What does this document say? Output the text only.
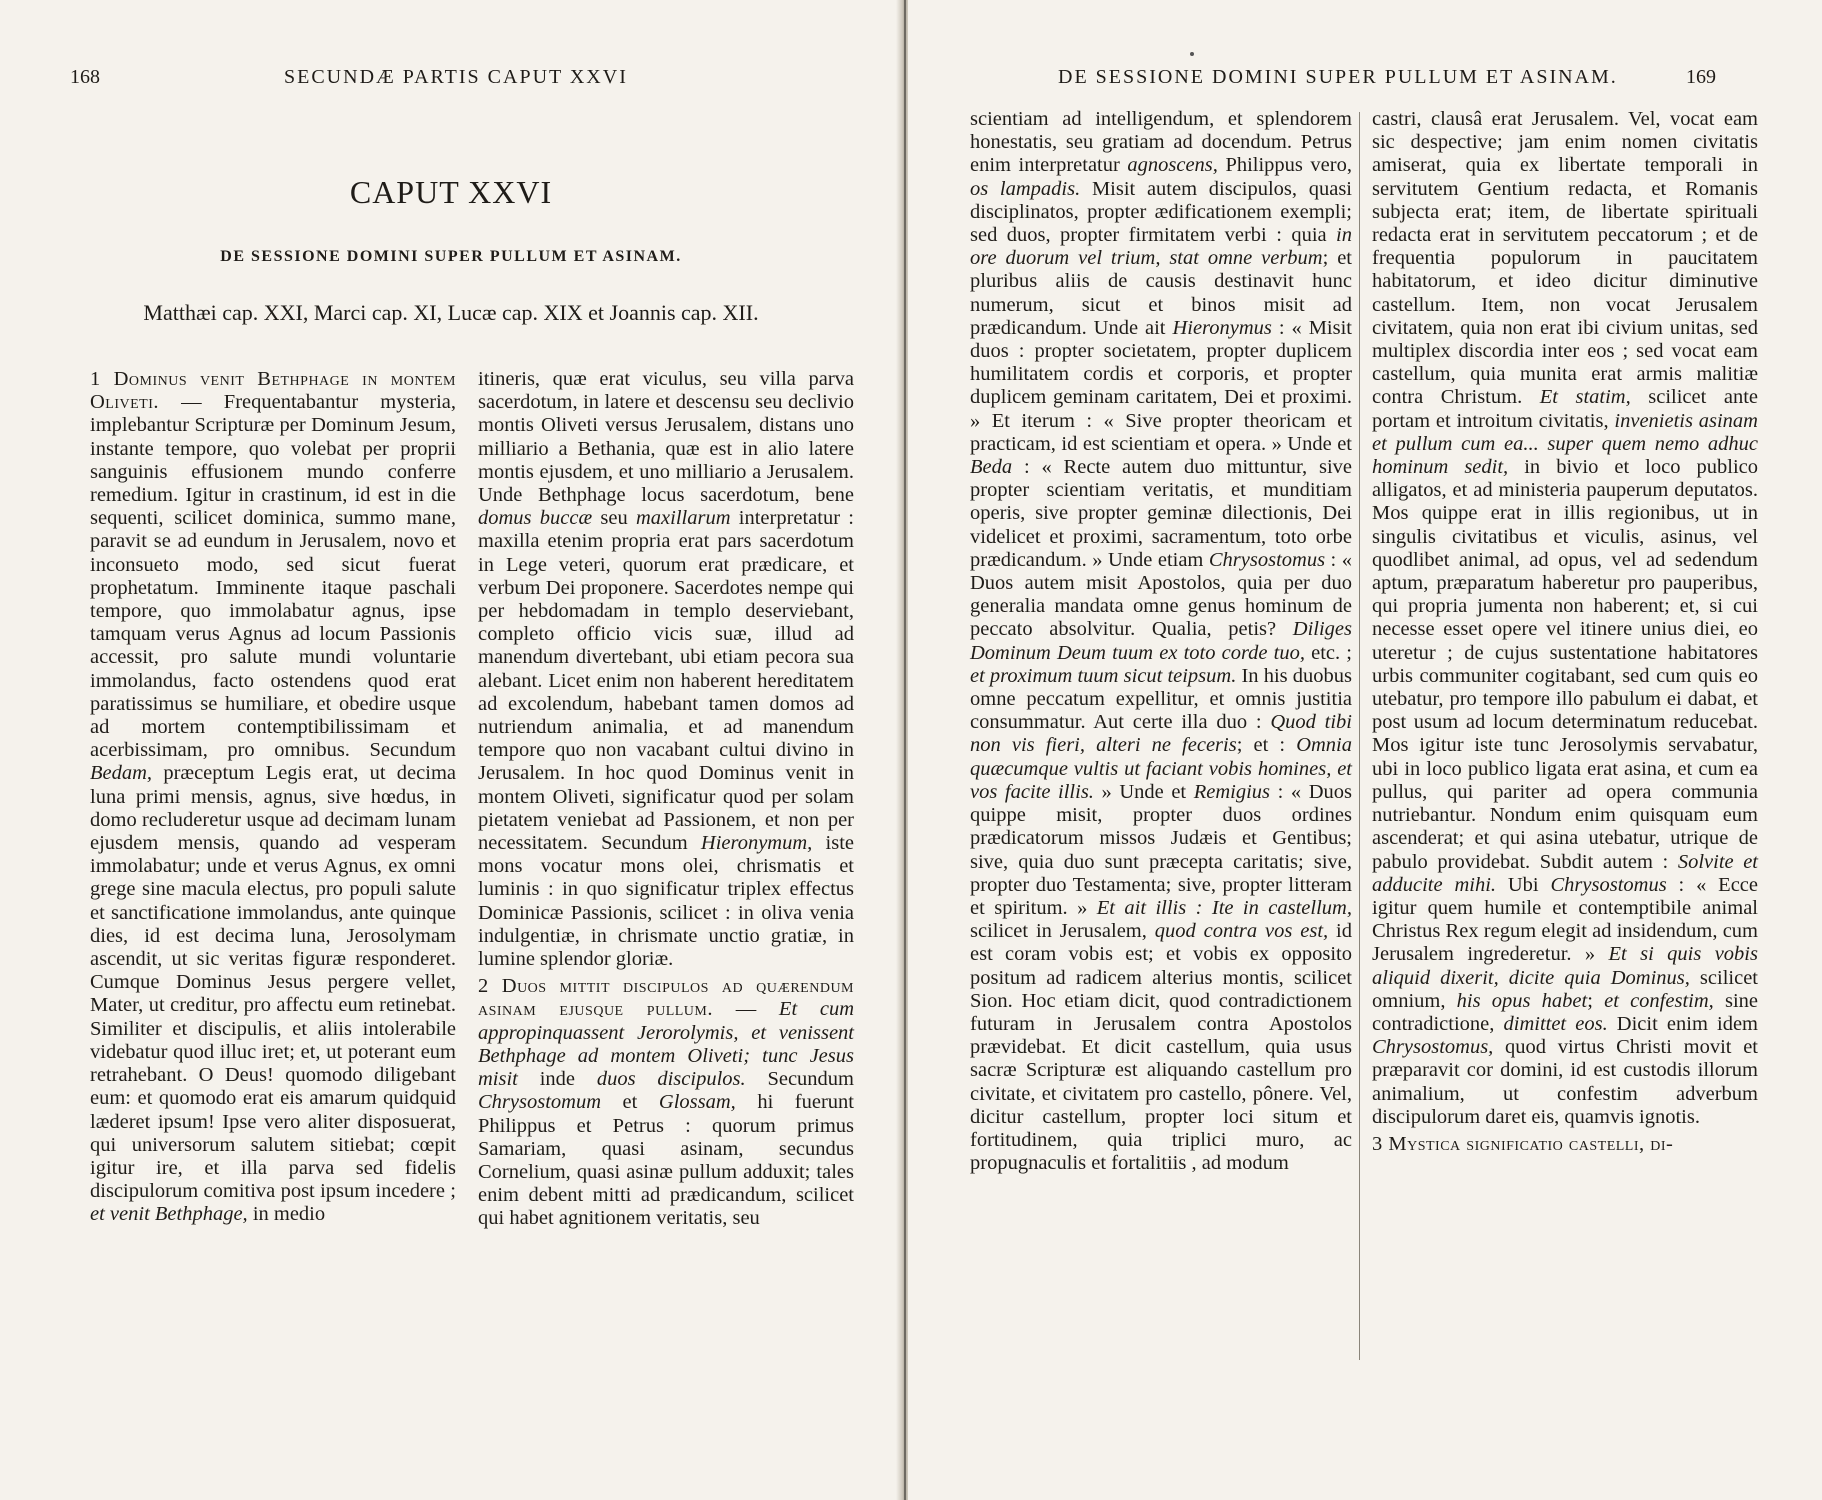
168	SECUNDÆ PARTIS CAPUT XXVI
CAPUT XXVI
DE SESSIONE DOMINI SUPER PULLUM ET ASINAM.
Matthæi cap. XXI, Marci cap. XI, Lucæ cap. XIX et Joannis cap. XII.

1 Dominus venit Bethphage in montem Oliveti. — Frequentabantur mysteria, implebantur Scripturæ per Dominum Jesum, instante tempore, quo volebat per proprii sanguinis effusionem mundo conferre remedium. Igitur in crastinum, id est in die sequenti, scilicet dominica, summo mane, paravit se ad eundum in Jerusalem, novo et inconsueto modo, sed sicut fuerat prophetatum. Imminente itaque paschali tempore, quo immolabatur agnus, ipse tamquam verus Agnus ad locum Passionis accessit, pro salute mundi voluntarie immolandus, facto ostendens quod erat paratissimus se humiliare, et obedire usque ad mortem contemptibilissimam et acerbissimam, pro omnibus. Secundum Bedam, præceptum Legis erat, ut decima luna primi mensis, agnus, sive hœdus, in domo recluderetur usque ad decimam lunam ejusdem mensis, quando ad vesperam immolabatur; unde et verus Agnus, ex omni grege sine macula electus, pro populi salute et sanctificatione immolandus, ante quinque dies, id est decima luna, Jerosolymam ascendit, ut sic veritas figuræ responderet. Cumque Dominus Jesus pergere vellet, Mater, ut creditur, pro affectu eum retinebat. Similiter et discipulis, et aliis intolerabile videbatur quod illuc iret; et, ut poterant eum retrahebant. O Deus! quomodo diligebant eum: et quomodo erat eis amarum quidquid læderet ipsum! Ipse vero aliter disposuerat, qui universorum salutem sitiebat; cœpit igitur ire, et illa parva sed fidelis discipulorum comitiva post ipsum incedere ; et venit Bethphage, in medio

itineris, quæ erat viculus, seu villa parva sacerdotum, in latere et descensu seu declivio montis Oliveti versus Jerusalem, distans uno milliario a Bethania, quæ est in alio latere montis ejusdem, et uno milliario a Jerusalem. Unde Bethphage locus sacerdotum, bene domus buccæ seu maxillarum interpretatur : maxilla etenim propria erat pars sacerdotum in Lege veteri, quorum erat prædicare, et verbum Dei proponere. Sacerdotes nempe qui per hebdomadam in templo deserviebant, completo officio vicis suæ, illud ad manendum divertebant, ubi etiam pecora sua alebant. Licet enim non haberent hereditatem ad excolendum, habebant tamen domos ad nutriendum animalia, et ad manendum tempore quo non vacabant cultui divino in Jerusalem. In hoc quod Dominus venit in montem Oliveti, significatur quod per solam pietatem veniebat ad Passionem, et non per necessitatem. Secundum Hieronymum, iste mons vocatur mons olei, chrismatis et luminis : in quo significatur triplex effectus Dominicæ Passionis, scilicet : in oliva venia indulgentiæ, in chrismate unctio gratiæ, in lumine splendor gloriæ.

2 Duos mittit discipulos ad quærendum asinam ejusque pullum. — Et cum appropinquassent Jerorolymis, et venissent Bethphage ad montem Oliveti; tunc Jesus misit inde duos discipulos. Secundum Chrysostomum et Glossam, hi fuerunt Philippus et Petrus : quorum primus Samariam, quasi asinam, secundus Cornelium, quasi asinæ pullum adduxit; tales enim debent mitti ad prædicandum, scilicet qui habet agnitionem veritatis, seu

DE SESSIONE DOMINI SUPER PULLUM ET ASINAM.	169

scientiam ad intelligendum, et splendorem honestatis, seu gratiam ad docendum. Petrus enim interpretatur agnoscens, Philippus vero, os lampadis. Misit autem discipulos, quasi disciplinatos, propter ædificationem exempli; sed duos, propter firmitatem verbi : quia in ore duorum vel trium, stat omne verbum; et pluribus aliis de causis destinavit hunc numerum, sicut et binos misit ad prædicandum. Unde ait Hieronymus : « Misit duos : propter societatem, propter duplicem humilitatem cordis et corporis, et propter duplicem geminam caritatem, Dei et proximi. » Et iterum : « Sive propter theoricam et practicam, id est scientiam et opera. » Unde et Beda : « Recte autem duo mittuntur, sive propter scientiam veritatis, et munditiam operis, sive propter geminæ dilectionis, Dei videlicet et proximi, sacramentum, toto orbe prædicandum. » Unde etiam Chrysostomus : « Duos autem misit Apostolos, quia per duo generalia mandata omne genus hominum de peccato absolvitur. Qualia, petis? Diliges Dominum Deum tuum ex toto corde tuo, etc. ; et proximum tuum sicut teipsum. In his duobus omne peccatum expellitur, et omnis justitia consummatur. Aut certe illa duo : Quod tibi non vis fieri, alteri ne feceris; et : Omnia quæcumque vultis ut faciant vobis homines, et vos facite illis. » Unde et Remigius : « Duos quippe misit, propter duos ordines prædicatorum missos Judæis et Gentibus; sive, quia duo sunt præcepta caritatis; sive, propter duo Testamenta; sive, propter litteram et spiritum. » Et ait illis : Ite in castellum, scilicet in Jerusalem, quod contra vos est, id est coram vobis est; et vobis ex opposito positum ad radicem alterius montis, scilicet Sion. Hoc etiam dicit, quod contradictionem futuram in Jerusalem contra Apostolos prævidebat. Et dicit castellum, quia usus sacræ Scripturæ est aliquando castellum pro civitate, et civitatem pro castello, pônere. Vel, dicitur castellum, propter loci situm et fortitudinem, quia triplici muro, ac propugnaculis et fortalitiis , ad modum

castri, clausâ erat Jerusalem. Vel, vocat eam sic despective; jam enim nomen civitatis amiserat, quia ex libertate temporali in servitutem Gentium redacta, et Romanis subjecta erat; item, de libertate spirituali redacta erat in servitutem peccatorum ; et de frequentia populorum in paucitatem habitatorum, et ideo dicitur diminutive castellum. Item, non vocat Jerusalem civitatem, quia non erat ibi civium unitas, sed multiplex discordia inter eos ; sed vocat eam castellum, quia munita erat armis malitiæ contra Christum. Et statim, scilicet ante portam et introitum civitatis, invenietis asinam et pullum cum ea... super quem nemo adhuc hominum sedit, in bivio et loco publico alligatos, et ad ministeria pauperum deputatos. Mos quippe erat in illis regionibus, ut in singulis civitatibus et viculis, asinus, vel quodlibet animal, ad opus, vel ad sedendum aptum, præparatum haberetur pro pauperibus, qui propria jumenta non haberent; et, si cui necesse esset opere vel itinere unius diei, eo uteretur ; de cujus sustentatione habitatores urbis communiter cogitabant, sed cum quis eo utebatur, pro tempore illo pabulum ei dabat, et post usum ad locum determinatum reducebat. Mos igitur iste tunc Jerosolymis servabatur, ubi in loco publico ligata erat asina, et cum ea pullus, qui pariter ad opera communia nutriebantur. Nondum enim quisquam eum ascenderat; et qui asina utebatur, utrique de pabulo providebat. Subdit autem : Solvite et adducite mihi. Ubi Chrysostomus : « Ecce igitur quem humile et contemptibile animal Christus Rex regum elegit ad insidendum, cum Jerusalem ingrederetur. » Et si quis vobis aliquid dixerit, dicite quia Dominus, scilicet omnium, his opus habet; et confestim, sine contradictione, dimittet eos. Dicit enim idem Chrysostomus, quod virtus Christi movit et præparavit cor domini, id est custodis illorum animalium, ut confestim adverbum discipulorum daret eis, quamvis ignotis.

3 Mystica significatio castelli, di-
